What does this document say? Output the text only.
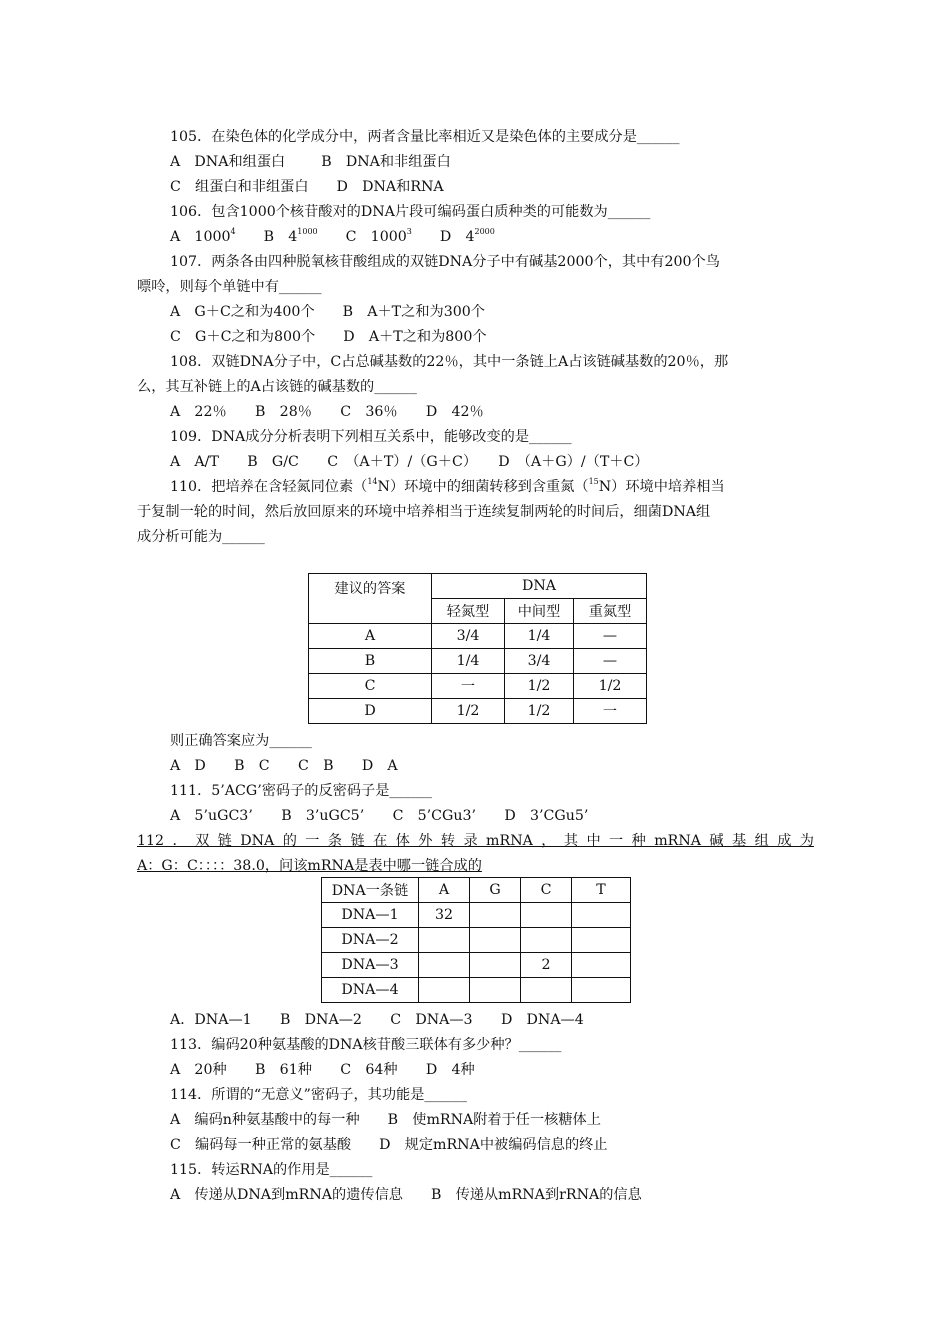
105．在染色体的化学成分中，两者含量比率相近又是染色体的主要成分是______
A　DNA和组蛋白	B　DNA和非组蛋白
C　组蛋白和非组蛋白 D　DNA和RNA
106．包含1000个核苷酸对的DNA片段可编码蛋白质种类的可能数为______
A　1000$^4$ B　$4^{1000}$ C　1000$^3$ D　$4^{2000}$
107．两条各由四种脱氧核苷酸组成的双链DNA分子中有碱基2000个，其中有200个鸟
嘌呤，则每个单链中有______
A　G＋C之和为400个 B　A＋T之和为300个
C　G＋C之和为800个 D　A＋T之和为800个
108．双链DNA分子中，C占总碱基数的22％，其中一条链上A占该链碱基数的20％，那
么，其互补链上的A占该链的碱基数的______
A　22％　　B　28％　　C　36％　　D　42％
109．DNA成分分析表明下列相互关系中，能够改变的是______
A　A/T　　B　G/C　　C　（A＋T）/（G＋C）　　D　（A＋G）/（T＋C）
110．把培养在含轻氮同位素（$^{14}$N）环境中的细菌转移到含重氮（$^{15}$N）环境中培养相当
于复制一轮的时间，然后放回原来的环境中培养相当于连续复制两轮的时间后，细菌DNA组
成分析可能为______
建议的答案	DNA		
	轻氮型	中间型	重氮型
A	3/4	1/4	—
B	1/4	3/4	—
C	一	1/2	1/2
D	1/2	1/2	一
则正确答案应为______
A　D　　B　C　　C　B　　D　A
111．5’ACG’密码子的反密码子是______
A　5’uGC3’　　B　3’uGC5’　　C　5’CGu3’　　D　3’CGu5’
112．双链DNA的一条链在体外转录mRNA，其中一种mRNA碱基组成为
A：G：C：：：：38.0，问该mRNA是表中哪一链合成的
DNA一条链	A	G	C	T
DNA—1	32			
DNA—2				
DNA—3			2	
DNA—4				
A．DNA—1　　B　DNA—2　　C　DNA—3　　D　DNA—4
113．编码20种氨基酸的DNA核苷酸三联体有多少种？______
A　20种　　B　61种　　C　64种　　D　4种
114．所谓的“无意义”密码子，其功能是______
A　编码n种氨基酸中的每一种 B　使mRNA附着于任一核糖体上
C　编码每一种正常的氨基酸 D　规定mRNA中被编码信息的终止
115．转运RNA的作用是______
A　传递从DNA到mRNA的遗传信息 B　传递从mRNA到rRNA的信息
